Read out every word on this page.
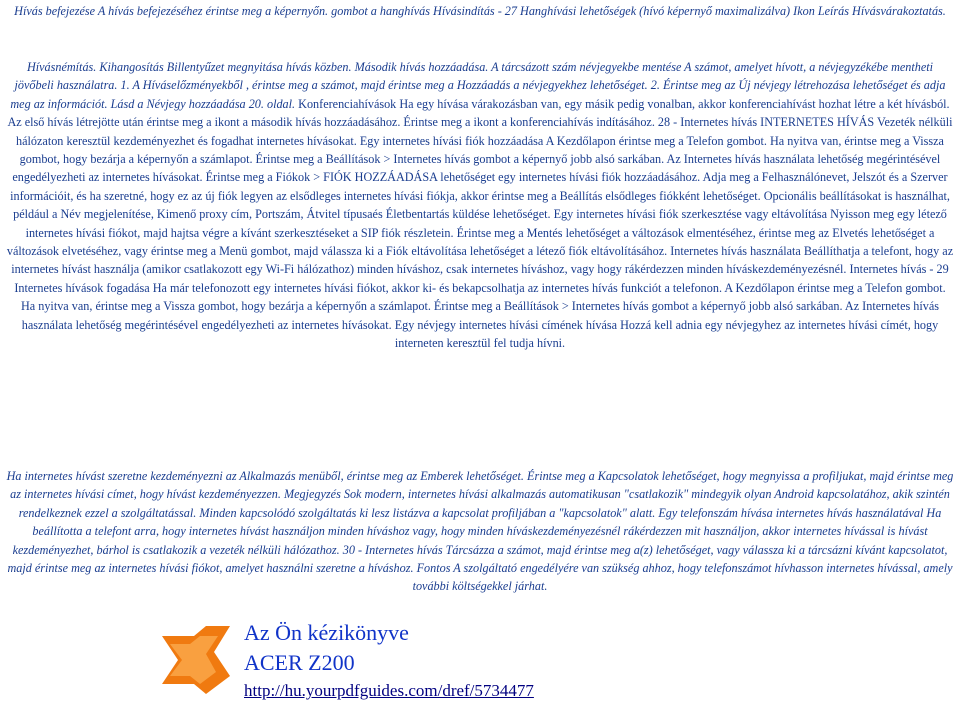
Hívás befejezése A hívás befejezéséhez érintse meg a képernyőn. gombot a hanghívás Hívásindítás - 27 Hanghívási lehetőségek (hívó képernyő maximalizálva) Ikon Leírás Hívásvárakoztatás.

Hívásnémítás. Kihangosítás Billentyűzet megnyitása hívás közben. Második hívás hozzáadása. A tárcsázott szám névjegyekbe mentése A számot, amelyet hívott, a névjegyzékébe mentheti jövőbeli használatra. 1. A Híváselőzményekből , érintse meg a számot, majd érintse meg a Hozzáadás a névjegyekhez lehetőséget. 2. Érintse meg az Új névjegy létrehozása lehetőséget és adja meg az információt. Lásd a Névjegy hozzáadása 20. oldal. Konferenciahívások Ha egy hívása várakozásban van, egy másik pedig vonalban, akkor konferenciahívást hozhat létre a két hívásból. Az első hívás létrejötte után érintse meg a ikont a második hívás hozzáadásához. Érintse meg a ikont a konferenciahívás indításához. 28 - Internetes hívás INTERNETES HÍVÁS Vezeték nélküli hálózaton keresztül kezdeményezhet és fogadhat internetes hívásokat. Egy internetes hívási fiók hozzáadása A Kezdőlapon érintse meg a Telefon gombot. Ha nyitva van, érintse meg a Vissza gombot, hogy bezárja a képernyőn a számlapot. Érintse meg a Beállítások > Internetes hívás gombot a képernyő jobb alsó sarkában. Az Internetes hívás használata lehetőség megérintésével engedélyezheti az internetes hívásokat. Érintse meg a Fiókok > FIÓK HOZZÁADÁSA lehetőséget egy internetes hívási fiók hozzáadásához. Adja meg a Felhasználónevet, Jelszót és a Szerver információit, és ha szeretné, hogy ez az új fiók legyen az elsődleges internetes hívási fiókja, akkor érintse meg a Beállítás elsődleges fiókként lehetőséget. Opcionális beállításokat is használhat, például a Név megjelenítése, Kimenő proxy cím, Portszám, Átvitel típusaés Életbentartás küldése lehetőséget. Egy internetes hívási fiók szerkesztése vagy eltávolítása Nyisson meg egy létező internetes hívási fiókot, majd hajtsa végre a kívánt szerkesztéseket a SIP fiók részletein. Érintse meg a Mentés lehetőséget a változások elmentéséhez, érintse meg az Elvetés lehetőséget a változások elvetéséhez, vagy érintse meg a Menü gombot, majd válassza ki a Fiók eltávolítása lehetőséget a létező fiók eltávolításához. Internetes hívás használata Beállíthatja a telefont, hogy az internetes hívást használja (amikor csatlakozott egy Wi-Fi hálózathoz) minden híváshoz, csak internetes híváshoz, vagy hogy rákérdezzen minden híváskezdeményezésnél. Internetes hívás - 29 Internetes hívások fogadása Ha már telefonozott egy internetes hívási fiókot, akkor ki- és bekapcsolhatja az internetes hívás funkciót a telefonon. A Kezdőlapon érintse meg a Telefon gombot. Ha nyitva van, érintse meg a Vissza gombot, hogy bezárja a képernyőn a számlapot. Érintse meg a Beállítások > Internetes hívás gombot a képernyő jobb alsó sarkában. Az Internetes hívás használata lehetőség megérintésével engedélyezheti az internetes hívásokat. Egy névjegy internetes hívási címének hívása Hozzá kell adnia egy névjegyhez az internetes hívási címét, hogy interneten keresztül fel tudja hívni.

Ha internetes hívást szeretne kezdeményezni az Alkalmazás menüből, érintse meg az Emberek lehetőséget. Érintse meg a Kapcsolatok lehetőséget, hogy megnyissa a profiljukat, majd érintse meg az internetes hívási címet, hogy hívást kezdeményezzen. Megjegyzés Sok modern, internetes hívási alkalmazás automatikusan "csatlakozik" mindegyik olyan Android kapcsolatához, akik szintén rendelkeznek ezzel a szolgáltatással. Minden kapcsolódó szolgáltatás ki lesz listázva a kapcsolat profiljában a "kapcsolatok" alatt. Egy telefonszám hívása internetes hívás használatával Ha beállította a telefont arra, hogy internetes hívást használjon minden híváshoz vagy, hogy minden híváskezdeményezésnél rákérdezzen mit használjon, akkor internetes hívással is hívást kezdeményezhet, bárhol is csatlakozik a vezeték nélküli hálózathoz. 30 - Internetes hívás Tárcsázza a számot, majd érintse meg a(z) lehetőséget, vagy válassza ki a tárcsázni kívánt kapcsolatot, majd érintse meg az internetes hívási fiókot, amelyet használni szeretne a híváshoz. Fontos A szolgáltató engedélyére van szükség ahhoz, hogy telefonszámot hívhasson internetes hívással, amely további költségekkel járhat.

Az Ön kézikönyve
ACER Z200
http://hu.yourpdfguides.com/dref/5734477
